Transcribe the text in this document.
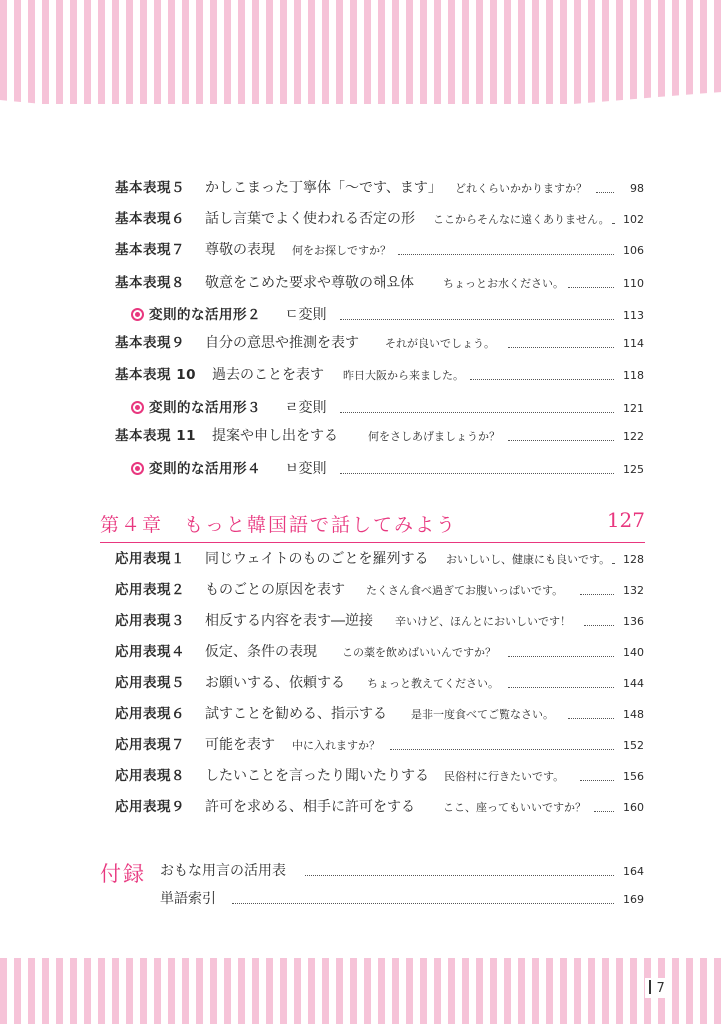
基本表現５ かしこまった丁寧体「〜です、ます」 どれくらいかかりますか？	98
基本表現６ 話し言葉でよく使われる否定の形 ここからそんなに遠くありません。 102
基本表現７ 尊敬の表現 何をお探しですか？	106
基本表現８ 敬意をこめた要求や尊敬の해요体	ちょっとお水ください。	110
変則的な活用形２ ㄷ変則	113
基本表現９ 自分の意思や推測を表す それが良いでしょう。	114
基本表現 10 過去のことを表す 昨日大阪から来ました。	118
変則的な活用形３ ㄹ変則	121
基本表現 11 提案や申し出をする	何をさしあげましょうか？	122
変則的な活用形４ ㅂ変則	125
第４章　もっと韓国語で話してみよう	127
応用表現１ 同じウェイトのものごとを羅列する おいしいし、健康にも良いです。 128
応用表現２ ものごとの原因を表す たくさん食べ過ぎてお腹いっぱいです。	132
応用表現３ 相反する内容を表す―逆接 辛いけど、ほんとにおいしいです！	136
応用表現４ 仮定、条件の表現 この薬を飲めばいいんですか？	140
応用表現５ お願いする、依頼する ちょっと教えてください。	144
応用表現６ 試すことを勧める、指示する 是非一度食べてご覧なさい。	148
応用表現７ 可能を表す 中に入れますか？	152
応用表現８ したいことを言ったり聞いたりする 民俗村に行きたいです。	156
応用表現９ 許可を求める、相手に許可をする	ここ、座ってもいいですか？	160
付録 おもな用言の活用表	164
単語索引	169
7
